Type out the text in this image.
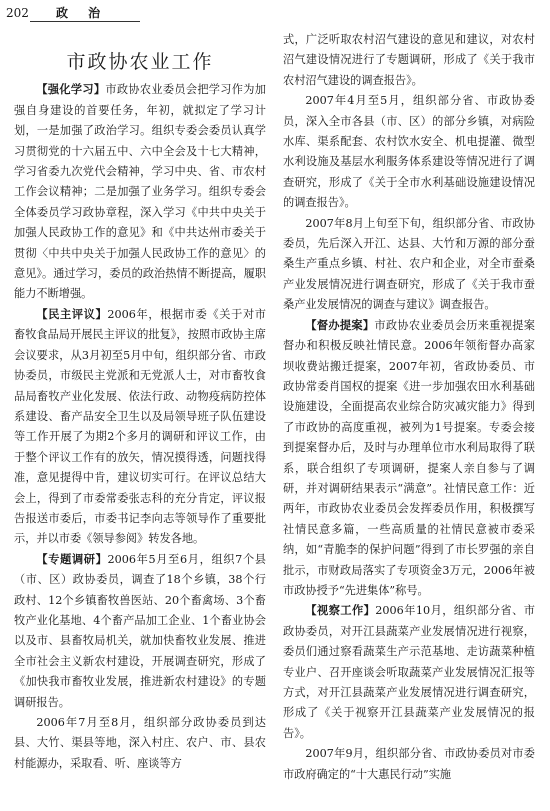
202 政 治
市政协农业工作

【强化学习】市政协农业委员会把学习作为加强自身建设的首要任务，年初，就拟定了学习计划，一是加强了政治学习。组织专委会委员认真学习贯彻党的十六届五中、六中全会及十七大精神，学习省委九次党代会精神，学习中央、省、市农村工作会议精神；二是加强了业务学习。组织专委会全体委员学习政协章程，深入学习《中共中央关于加强人民政协工作的意见》和《中共达州市委关于贯彻〈中共中央关于加强人民政协工作的意见〉的意见》。通过学习，委员的政治热情不断提高，履职能力不断增强。

【民主评议】2006年，根据市委《关于对市畜牧食品局开展民主评议的批复》，按照市政协主席会议要求，从3月初至5月中旬，组织部分省、市政协委员，市级民主党派和无党派人士，对市畜牧食品局畜牧产业化发展、依法行政、动物疫病防控体系建设、畜产品安全卫生以及局领导班子队伍建设等工作开展了为期2个多月的调研和评议工作，由于整个评议工作有的放矢，情况摸得透，问题找得准，意见提得中肯，建议切实可行。在评议总结大会上，得到了市委常委张志科的充分肯定，评议报告报送市委后，市委书记李向志等领导作了重要批示，并以市委《领导参阅》转发各地。

【专题调研】2006年5月至6月，组织7个县（市、区）政协委员，调查了18个乡镇，38个行政村、12个乡镇畜牧兽医站、20个畜禽场、3个畜牧产业化基地、4个畜产品加工企业、1个畜业协会以及市、县畜牧局机关，就加快畜牧业发展、推进全市社会主义新农村建设，开展调查研究，形成了《加快我市畜牧业发展，推进新农村建设》的专题调研报告。

2006年7月至8月，组织部分政协委员到达县、大竹、渠县等地，深入村庄、农户、市、县农村能源办，采取看、听、座谈等方

式，广泛听取农村沼气建设的意见和建议，对农村沼气建设情况进行了专题调研，形成了《关于我市农村沼气建设的调查报告》。

2007年4月至5月，组织部分省、市政协委员，深入全市各县（市、区）的部分乡镇，对病险水库、渠系配套、农村饮水安全、机电提灌、微型水利设施及基层水利服务体系建设等情况进行了调查研究，形成了《关于全市水利基础设施建设情况的调查报告》。

2007年8月上旬至下旬，组织部分省、市政协委员，先后深入开江、达县、大竹和万源的部分蚕桑生产重点乡镇、村社、农户和企业，对全市蚕桑产业发展情况进行调查研究，形成了《关于我市蚕桑产业发展情况的调查与建议》调查报告。

【督办提案】市政协农业委员会历来重视提案督办和积极反映社情民意。2006年领衔督办高家坝收费站搬迁提案，2007年初，省政协委员、市政协常委肖国权的提案《进一步加强农田水利基础设施建设，全面提高农业综合防灾减灾能力》得到了市政协的高度重视，被列为1号提案。专委会接到提案督办后，及时与办理单位市水利局取得了联系，联合组织了专项调研，提案人亲自参与了调研，并对调研结果表示“满意”。社情民意工作：近两年，市政协农业委员会发挥委员作用，积极撰写社情民意多篇，一些高质量的社情民意被市委采纳，如“青脆李的保护问题”得到了市长罗强的亲自批示，市财政局落实了专项资金3万元，2006年被市政协授予“先进集体”称号。

【视察工作】2006年10月，组织部分省、市政协委员，对开江县蔬菜产业发展情况进行视察，委员们通过察看蔬菜生产示范基地、走访蔬菜种植专业户、召开座谈会听取蔬菜产业发展情况汇报等方式，对开江县蔬菜产业发展情况进行调查研究，形成了《关于视察开江县蔬菜产业发展情况的报告》。

2007年9月，组织部分省、市政协委员对市委市政府确定的“十大惠民行动”实施
